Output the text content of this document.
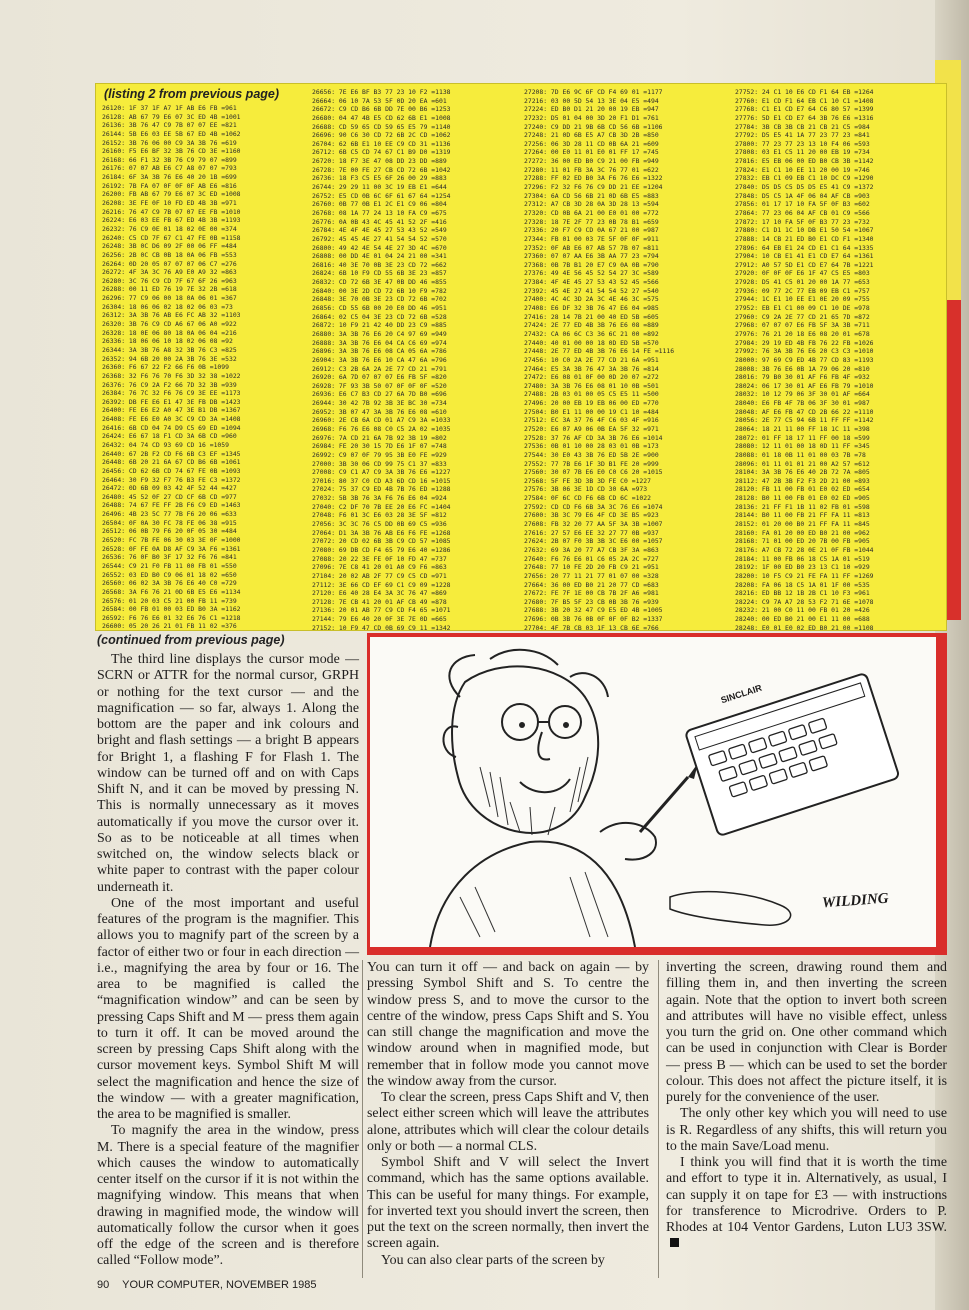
(listing 2 from previous page)
26120: 1F 37 1F A7 1F AB E6 FB =961
26128: AB 67 79 E6 07 3C ED 4B =1001
26136: 3B 76 47 C9 7B 07 07 EE =821
26144: 5B E6 03 EE 5B 67 ED 4B =1062
26152: 3B 76 06 00 C9 3A 3B 76 =619
26160: F5 E6 BF 32 3B 76 CD 3E =1160
26168: 66 F1 32 3B 76 C9 79 07 =899
26176: 07 07 AB E6 C7 A8 07 07 =793
26184: 6F 3A 3B 76 E6 40 20 1B =699
26192: 7B FA 07 0F 0F 0F AB E6 =816
26200: FB AB 67 79 E6 07 3C ED =1008
26208: 3E FE 0F 10 FD ED 4B 3B =971
26216: 76 47 C9 7B 07 07 EE FB =1010
26224: E6 03 EE FB 67 ED 4B 3B =1193
26232: 76 C9 0E 01 18 02 0E 00 =374
26240: C5 CD 7F 67 C1 47 FE 0B =1158
26248: 3B 0C D6 09 2F 00 06 FF =484
26256: 2B 0C CB 0B 18 0A 06 FB =553
26264: 0D 20 05 07 07 07 06 C7 =276
26272: 4F 3A 3C 76 A9 E0 A9 32 =863
26280: 3C 76 C9 CD 7F 67 6F 26 =963
26288: 00 11 ED 76 19 7E 32 2B =618
26296: 77 C9 06 00 18 0A 06 01 =367
26304: 18 06 06 02 18 02 06 03 =73
26312: 3A 3B 76 AB E6 FC AB 32 =1103
26320: 3B 76 C9 CD A6 67 06 A0 =922
26328: 18 0E 06 80 18 0A 06 04 =216
26336: 18 06 06 10 18 02 06 08 =92
26344: 3A 3B 76 A8 32 3B 76 C3 =825
26352: 94 6B 20 00 2A 3B 76 3E =532
26360: F6 67 22 F2 66 F6 0B =1099
26368: 32 F6 76 70 F6 3D 32 38 =1022
26376: 76 C9 2A F2 66 7D 32 3B =939
26384: 76 7C 32 F6 76 C9 3E EE =1173
26392: DB FE E6 E1 47 3E FB DB =1423
26400: FE E6 E2 A0 47 3E B1 DB =1367
26408: FE E6 E0 A0 3C C9 CD 3A =1408
26416: 6B CD 04 74 D9 C5 69 ED =1094
26424: E6 67 18 F1 CD 3A 6B CD =960
26432: 04 74 CD 93 69 CD 16 =1059
26440: 67 2B F2 CD F6 6B C3 EF =1345
26448: 6B 20 21 6A 67 CD B6 6B =1061
26456: CD 62 6B CD 74 67 FE 0B =1093
26464: 30 F9 32 F7 76 B3 FE C3 =1372
26472: 0D 6B 09 03 42 4F 52 44 =427
26480: 45 52 0F 27 CD CF 6B CD =977
26488: 74 67 FE FF 2B F6 C9 ED =1463
26496: 4B 23 5C 77 7B F6 20 06 =633
26504: 0F 0A 30 FC 78 FE 06 38 =915
26512: 06 0B 79 F6 20 0F 05 30 =484
26520: FC 7B FE 06 30 03 3E 0F =1000
26528: 0F FE 0A D8 AF C9 3A F6 =1361
26536: 76 0F B0 3F 17 32 F6 76 =841
26544: C9 21 F0 FB 11 00 FB 01 =550
26552: 03 ED B0 C9 06 01 18 02 =650
26560: 06 02 3A 3B 76 E6 40 C0 =729
26568: 3A F6 76 21 0D 6B E5 E6 =1134
26576: 01 20 03 C5 21 00 FB 11 =739
26584: 00 FB 01 00 03 ED B0 3A =1162
26592: F6 76 E6 01 32 E6 76 C1 =1218
26600: 05 20 26 21 01 FB 11 02 =376

26656: 7E E6 BF B3 77 23 10 F2 =1138
26664: 06 10 7A 53 5F 0D 20 EA =601
26672: C9 CD B6 6B DD 7E 00 B6 =1253
26680: 04 47 4B E5 CD 62 6B E1 =1008
26688: CD 59 65 CD 59 65 E5 79 =1140
26696: 90 C6 30 CD 72 6B 2C CD =1062
26704: 62 6B E1 10 EE C9 CD 31 =1136
26712: 6B C5 CD 74 67 C1 B9 D0 =1319
26720: 18 F7 3E 47 08 DD 23 DD =889
26728: 7E 00 FE 27 CB CD 72 6B =1042
26736: 18 F3 C5 E5 6F 26 00 29 =883
26744: 29 29 11 00 3C 19 EB E1 =644
26752: E5 CD 0B 6C 6F 61 67 64 =1254
26760: 0B 77 0B E1 2C E1 C9 06 =804
26768: 08 1A 77 24 13 10 FA C9 =675
26776: 0A 0B 43 4C 45 41 52 2F =416
26784: 4E 4F 4E 45 27 53 43 52 =549
26792: 45 45 4E 27 41 54 54 52 =570
26800: 49 42 4E 54 4E 27 3D 4C =670
26808: 00 DD 4E 01 04 24 21 00 =341
26816: 40 3E 70 0B 3E 23 CD 72 =662
26824: 6B 10 F9 CD 55 6B 3E 23 =857
26832: CD 72 6B 3E 47 0B DD 46 =855
26840: 00 3E 2D CD 72 6B 10 F9 =782
26848: 3E 70 0B 3E 23 CD 72 6B =702
26856: CD 55 6B 00 20 E0 DD 46 =951
26864: 02 C5 04 3E 23 CD 72 6B =528
26872: 10 F9 21 42 40 DD 23 C9 =885
26880: 3A 3B 76 E6 20 C4 97 69 =949
26888: 3A 3B 76 E6 04 CA C6 69 =974
26896: 3A 3B 76 E6 08 CA 05 6A =786
26904: 3A 3B 76 E6 10 CA 47 6A =796
26912: C3 2B 6A 2A 2E 77 CD 21 =791
26920: 6A 7D 07 07 07 E6 FB 5F =820
26928: 7F 93 3B 50 07 0F 0F 0F =520
26936: E6 C7 B3 CD 27 6A 7D B0 =696
26944: 30 42 7B 92 3B 3E BC 30 =734
26952: 3B 07 47 3A 3B 76 E6 08 =610
26960: 2E CB 6A CD 01 A7 C9 3A =1033
26968: F6 76 E6 08 C0 C5 2A 02 =1035
26976: 7A CD 21 6A 7B 92 3B 19 =802
26984: FE 20 30 15 7D E6 1F 07 =748
26992: C9 07 0F 79 95 3B E0 FE =929
27000: 3B 30 06 CD 99 75 C1 37 =833
27008: C9 C1 A7 C9 3A 3B 76 E6 =1227
27016: 80 37 C0 CD A3 6D CD 16 =1015
27024: 75 37 C9 ED 4B 7B 76 ED =1288
27032: 5B 3B 76 3A F6 76 E6 04 =924
27040: C2 DF 70 7B EE 20 E6 FC =1404
27048: F6 01 3C E6 03 28 3E 5F =812
27056: 3C 3C 76 C5 DD 0B 69 C5 =936
27064: D1 3A 3B 76 AB E6 F6 FE =1268
27072: 20 CD 02 6B 3B C9 CD 57 =1085
27080: 69 DB CD F4 65 79 E6 40 =1286
27088: 20 22 3E FE 0F 10 FD 47 =737
27096: 7E C8 41 20 01 A0 C9 F6 =863
27104: 20 02 AB 2F 77 C9 C5 CD =971
27112: 3E 66 CD EF 69 C1 C9 09 =1228
27120: E6 40 28 E4 3A 3C 76 47 =869
27128: 7E CB 41 20 01 AF CB 49 =878
27136: 20 01 AB 77 C9 CD F4 65 =1071
27144: 79 E6 40 20 0F 3E 7E 0D =665
27152: 10 F9 47 CD 0B 69 C9 11 =1342

27208: 7D E6 9C 6F CD F4 69 01 =1177
27216: 03 00 5D 54 13 3E 04 E5 =494
27224: ED B0 D1 21 20 00 19 EB =947
27232: D5 01 04 00 3D 20 F1 D1 =761
27240: C9 DD 21 9B 6B CD 56 6B =1106
27248: 21 0D 6B E5 A7 CB 3D 2B =850
27256: 06 3D 28 11 CD 0B 6A 21 =609
27264: 00 E0 11 01 E0 01 FF 17 =745
27272: 36 00 ED B0 C9 21 00 FB =949
27280: 11 01 FB 3A 3C 76 77 01 =622
27288: FF 02 ED B0 3A F6 76 E6 =1322
27296: F2 32 F6 76 C9 DD 21 EE =1204
27304: 6A CD 56 6B 21 0D 6B E5 =883
27312: A7 CB 3D 28 0A 3D 28 13 =594
27320: CD 0B 6A 21 00 E0 01 00 =772
27328: 18 7E 2F 77 23 0B 78 B1 =659
27336: 20 F7 C9 CD 0A 67 21 00 =987
27344: FB 01 00 03 7E 5F 0F 0F =911
27352: 0F AB E6 07 AB 57 7B 07 =811
27360: 07 07 AA E6 3B AA 77 23 =794
27368: 0B 7B B1 20 E7 C9 0A 0B =790
27376: 49 4E 56 45 52 54 27 3C =589
27384: 4F 4E 45 27 53 43 52 45 =566
27392: 45 4E 27 41 54 54 52 27 =540
27400: 4C 4C 3D 2A 3C 4E 46 3C =575
27408: E6 DF 32 3B 76 47 E6 04 =985
27416: 28 14 7B 21 00 40 ED 5B =605
27424: 2E 77 ED 4B 3B 76 E6 08 =889
27432: CA 06 6C C3 36 6C 21 00 =892
27440: 40 01 00 00 18 0D ED 5B =570
27448: 2E 77 ED 4B 3B 76 E6 14 FE =1116
27456: 10 C0 2A 2E 77 CD 21 6A =951
27464: E5 3A 3B 76 47 3A 3B 76 =814
27472: E6 08 01 0F 00 0D 20 07 =272
27480: 3A 3B 76 E6 08 01 10 0B =501
27488: 2B 03 01 00 05 C5 E5 11 =500
27496: 20 00 EB 19 EB 06 00 ED =770
27504: B0 E1 11 00 00 19 C1 10 =484
27512: EC 3A 37 76 4F C6 03 4F =916
27520: E6 07 A9 06 0B EA 5F 32 =971
27528: 37 76 AF CD 3A 3B 76 E6 =1014
27536: 0B 01 10 00 28 03 01 0B =173
27544: 30 E0 43 3B 76 ED 5B 2E =900
27552: 77 7B E6 1F 3D B1 FE 20 =999
27560: 30 07 7B E6 E0 C0 C6 20 =1015
27568: 5F FE 3D 3B 3D FE C0 =1227
27576: 3B 06 3E 1D CD 30 6A =973
27584: 0F 6C CD F6 6B CD 6C =1022
27592: CD CD F6 6B 3A 3C 76 E6 =1074
27600: 3B 3C 79 E6 4F CD 3E B5 =923
27608: FB 32 20 77 AA 5F 3A 3B =1007
27616: 27 57 E6 EE 32 27 77 0B =937
27624: 2B 07 F0 3B 3B 3C E6 00 =1057
27632: 69 3A 20 77 A7 CB 3F 3A =863
27640: F6 76 E6 01 C6 05 2A 2C =727
27648: 77 10 FE 2D 20 FB C9 21 =951
27656: 20 77 11 21 77 01 07 00 =328
27664: 36 00 ED B0 21 20 77 CD =683
27672: FE 7F 1E 00 CB 7B 2F A6 =981
27680: 7F B5 5F 23 CB 0B 3B 76 =939
27688: 3B 20 32 47 C9 E5 ED 4B =1005
27696: 0B 3B 76 0B 0F 0F 0F B2 =1337
27704: 4F 7B CB 03 1F 13 CB 6E =766

27752: 24 C1 10 E6 CD F1 64 EB =1264
27760: E1 CD F1 64 EB C1 10 C1 =1408
27768: C1 E1 CD E7 64 C6 80 57 =1399
27776: 5D E1 CD E7 64 3B 76 E6 =1316
27784: 3B CB 3B CB 21 CB 21 C5 =984
27792: D5 E5 41 1A 77 23 77 23 =841
27800: 77 23 77 23 13 10 F4 06 =593
27808: 03 E1 C5 11 20 00 EB 19 =734
27816: E5 EB 06 00 ED B0 CB 3B =1142
27824: E1 C1 10 EE 11 20 00 19 =746
27832: EB C1 09 EB C1 10 DC C9 =1290
27840: D5 D5 C5 D5 D5 E5 41 C9 =1372
27848: D5 C5 1A 4F 06 04 AF CB =903
27856: 01 17 17 10 FA 5F 0F B3 =602
27864: 77 23 06 04 AF CB 01 C9 =566
27872: 17 10 FA 5F 0F B3 77 23 =732
27880: C1 D1 1C 10 DB E1 50 54 =1067
27888: 14 CB 21 ED B0 E1 CD F1 =1340
27896: 64 EB E1 24 CD E1 C1 64 =1335
27904: 10 CB E1 41 E1 CD E7 64 =1361
27912: A0 57 5D E1 CD E7 64 7B =1221
27920: 0F 0F 0F E6 1F 47 C5 E5 =803
27928: D5 41 C5 01 20 00 1A 77 =653
27936: 09 77 2C 77 EB 09 EB C1 =757
27944: 1C E1 10 EE E1 0E 20 09 =755
27952: EB E1 C1 00 09 C1 10 DE =978
27960: C9 2A 2E 77 CD 21 65 7D =872
27968: 07 07 07 E6 FB 5F 3A 3B =711
27976: 76 21 20 18 E6 08 20 01 =678
27984: 29 19 ED 4B FB 76 22 FB =1026
27992: 76 3A 3B 76 E6 20 C3 C3 =1010
28000: 97 69 C9 ED 4B 77 CD 83 =1193
28008: 3B 76 E6 0B 1A 79 06 20 =810
28016: 79 B0 30 01 AF F6 FB 4F =932
28024: 06 17 30 01 AF E6 FB 79 =1010
28032: 10 12 79 06 3F 30 01 AF =664
28040: E6 FB 4F 7B 06 3F 30 01 =987
28048: AF E6 FB 47 CD 2B 66 22 =1110
28056: 2E 77 C5 94 6B 11 FF FF =1142
28064: 18 21 11 00 FF 18 1C 11 =398
28072: 01 FF 18 17 11 FF 00 18 =599
28080: 12 11 01 00 18 0D 11 FF =345
28088: 01 18 0B 11 01 00 03 7B =78
28096: 01 11 01 01 21 00 A2 57 =612
28104: 3A 3B 76 E6 40 2B 72 7A =805
28112: 47 2B 3B F2 F3 2D 21 00 =893
28120: FB 11 00 FB 01 E0 02 ED =654
28128: B0 11 00 FB 01 E0 02 ED =905
28136: 21 FF F1 1B 11 02 FB 01 =598
28144: B0 11 00 FB 21 FF FA 11 =813
28152: 01 20 00 B0 21 FF FA 11 =845
28160: FA 01 20 00 ED B0 21 00 =962
28168: 71 01 00 ED 20 7B 00 FB =905
28176: A7 CB 72 28 0E 21 0F FB =1044
28184: 11 00 FB 06 18 C5 1A 01 =519
28192: 1F 00 ED B0 23 13 C1 10 =929
28200: 10 F5 C9 21 FE FA 11 FF =1269
28208: FA 06 18 C5 1A 01 1F 00 =535
28216: ED BB 12 1B 2B C1 10 F3 =961
28224: C9 7A A7 28 53 F2 71 6E =1078
28232: 21 00 C0 11 00 FB 01 20 =426
28240: 00 ED B0 21 00 E1 11 00 =688
28248: E0 01 E0 02 ED B0 21 00 =1108

(continued from previous page)
SINCLAIR
WILDING

The third line displays the cursor mode — SCRN or ATTR for the normal cursor, GRPH or nothing for the text cursor — and the magnification — so far, always 1. Along the bottom are the paper and ink colours and bright and flash settings — a bright B appears for Bright 1, a flashing F for Flash 1. The window can be turned off and on with Caps Shift N, and it can be moved by pressing N. This is normally unnecessary as it moves automatically if you move the cursor over it. So as to be noticeable at all times when switched on, the window selects black or white paper to contrast with the paper colour underneath it.

One of the most important and useful features of the program is the magnifier. This allows you to magnify part of the screen by a factor of either two or four in each direction — i.e., magnifying the area by four or 16. The area to be magnified is called the “magnification window” and can be seen by pressing Caps Shift and M — press them again to turn it off. It can be moved around the screen by pressing Caps Shift along with the cursor movement keys. Symbol Shift M will select the magnification and hence the size of the window — with a greater magnification, the area to be magnified is smaller.

To magnify the area in the window, press M. There is a special feature of the magnifier which causes the window to automatically center itself on the cursor if it is not within the magnifying window. This means that when drawing in magnified mode, the window will automatically follow the cursor when it goes off the edge of the screen and is therefore called “Follow mode”.

You can turn it off — and back on again — by pressing Symbol Shift and S. To centre the window press S, and to move the cursor to the centre of the window, press Caps Shift and S. You can still change the magnification and move the window around when in magnified mode, but remember that in follow mode you cannot move the window away from the cursor.

To clear the screen, press Caps Shift and V, then select either screen which will leave the attributes alone, attributes which will clear the colour details only or both — a normal CLS.

Symbol Shift and V will select the Invert command, which has the same options available. This can be useful for many things. For example, for inverted text you should invert the screen, then put the text on the screen normally, then invert the screen again.

You can also clear parts of the screen by

inverting the screen, drawing round them and filling them in, and then inverting the screen again. Note that the option to invert both screen and attributes will have no visible effect, unless you turn the grid on. One other command which can be used in conjunction with Clear is Border — press B — which can be used to set the border colour. This does not affect the picture itself, it is purely for the convenience of the user.

The only other key which you will need to use is R. Regardless of any shifts, this will return you to the main Save/Load menu.

I think you will find that it is worth the time and effort to type it in. Alternatively, as usual, I can supply it on tape for £3 — with instructions for transference to Microdrive. Orders to P. Rhodes at 104 Ventor Gardens, Luton LU3 3SW.

90 YOUR COMPUTER, NOVEMBER 1985
